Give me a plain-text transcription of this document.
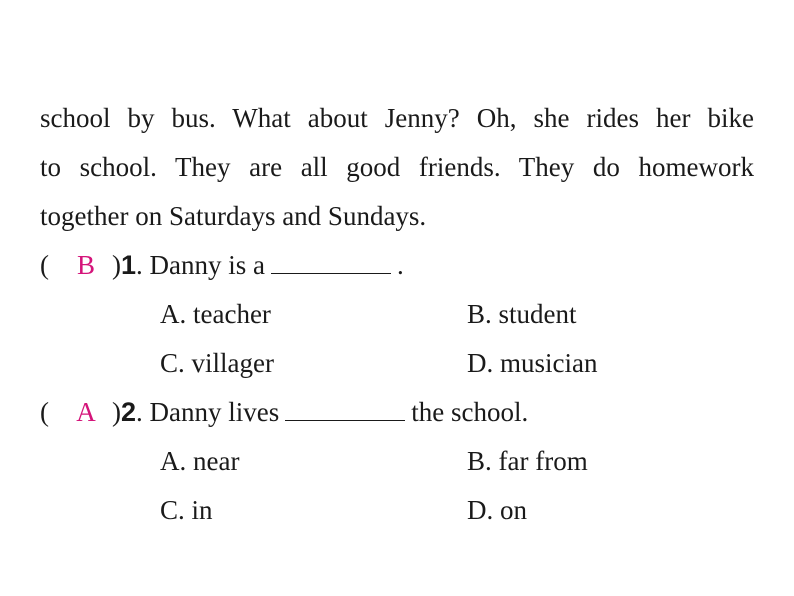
school by bus. What about Jenny? Oh, she rides her bike
to school. They are all good friends. They do homework
together on Saturdays and Sundays.
( B )1. Danny is a	.
A. teacher	B. student
C. villager	D. musician
( A )2. Danny lives	the school.
A. near	B. far from
C. in	D. on
